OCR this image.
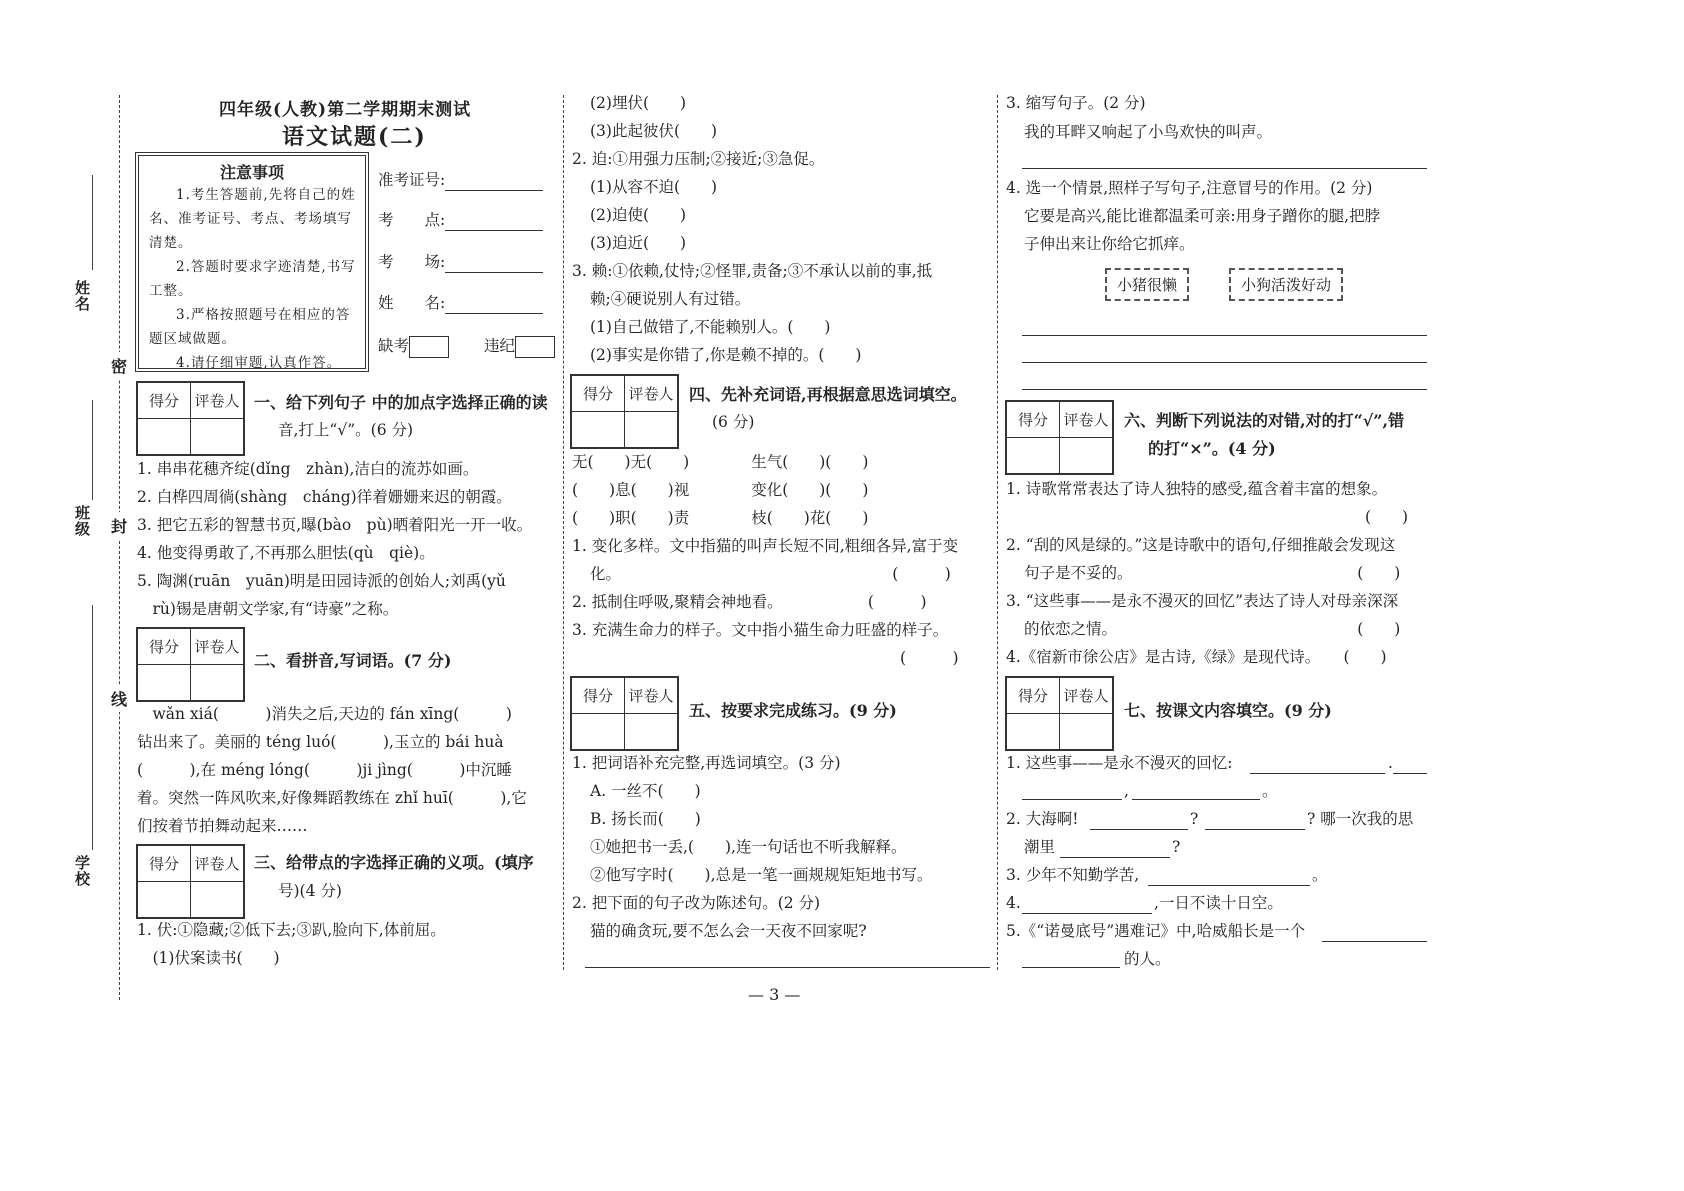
姓名
班级
学校
密
封
线
四年级(人教)第二学期期末测试
语文试题(二)
注意事项
1.考生答题前,先将自己的姓名、准考证号、考点、考场填写清楚。
2.答题时要求字迹清楚,书写工整。
3.严格按照题号在相应的答题区域做题。
4.请仔细审题,认真作答。
准考证号:
考　　点:
考　　场:
姓　　名:
缺考	违纪
得分	评卷人
	一、给下列句子 中的加点字选择正确的读
音,打上“√”。(6 分)
1. 串串花穗齐绽(dǐng　zhàn),洁白的流苏如画。
2. 白桦四周徜(shàng　cháng)徉着姗姗来迟的朝霞。
3. 把它五彩的智慧书页,曝(bào　pù)晒着阳光一开一收。
4. 他变得勇敢了,不再那么胆怯(qù　qiè)。
5. 陶渊(ruān　yuān)明是田园诗派的创始人;刘禹(yǔ
　rù)锡是唐朝文学家,有“诗豪”之称。
得分	评卷人

二、看拼音,写词语。(7 分)
　wǎn xiá(　　　)消失之后,天边的 fán xīng(　　　)
钻出来了。美丽的 téng luó(　　　),玉立的 bái huà
(　　　),在 méng lóng(　　　)ji jìng(　　　)中沉睡
着。突然一阵风吹来,好像舞蹈教练在 zhǐ huī(　　　),它
们按着节拍舞动起来……
得分	评卷人
	三、给带点的字选择正确的义项。(填序
号)(4 分)
1. 伏:①隐藏;②低下去;③趴,脸向下,体前屈。
　(1)伏案读书(　　)
(2)埋伏(　　)
(3)此起彼伏(　　)
2. 迫:①用强力压制;②接近;③急促。
(1)从容不迫(　　)
(2)迫使(　　)
(3)迫近(　　)
3. 赖:①依赖,仗恃;②怪罪,责备;③不承认以前的事,抵
赖;④硬说别人有过错。
(1)自己做错了,不能赖别人。(　　)
(2)事实是你错了,你是赖不掉的。(　　)
得分	评卷人
	四、先补充词语,再根据意思选词填空。
(6 分)
无(　　)无(　　)　　　　生气(　　)(　　)
(　　)息(　　)视　　　　变化(　　)(　　)
(　　)职(　　)责　　　　枝(　　)花(　　)
1. 变化多样。文中指猫的叫声长短不同,粗细各异,富于变
化。　　　　　　　　　　　　　　　　　　(　　　)
2. 抵制住呼吸,聚精会神地看。　　　　　　(　　　)
3. 充满生命力的样子。文中指小猫生命力旺盛的样子。
　　　　　　　　　　　　　　　　　　　　(　　　)
得分	评卷人

五、按要求完成练习。(9 分)
1. 把词语补充完整,再选词填空。(3 分)
A. 一丝不(　　)
B. 扬长而(　　)
①她把书一丢,(　　),连一句话也不听我解释。
②他写字时(　　),总是一笔一画规规矩矩地书写。
2. 把下面的句子改为陈述句。(2 分)
猫的确贪玩,要不怎么会一天夜不回家呢?
3. 缩写句子。(2 分)
我的耳畔又响起了小鸟欢快的叫声。
4. 选一个情景,照样子写句子,注意冒号的作用。(2 分)
它要是高兴,能比谁都温柔可亲:用身子蹭你的腿,把脖
子伸出来让你给它抓痒。
小猪很懒	小狗活泼好动
得分	评卷人
	六、判断下列说法的对错,对的打“√”,错
的打“×”。(4 分)
1. 诗歌常常表达了诗人独特的感受,蕴含着丰富的想象。
　　　　　　　　　　　　　　　　　　　　　　(　　)
2. “刮的风是绿的。”这是诗歌中的语句,仔细推敲会发现这
句子是不妥的。　　　　　　　　　　　　　　　(　　)
3. “这些事——是永不漫灭的回忆”表达了诗人对母亲深深
的依恋之情。　　　　　　　　　　　　　　　　(　　)
4.《宿新市徐公店》是古诗,《绿》是现代诗。　　(　　)
得分	评卷人

七、按课文内容填空。(9 分)
1. 这些事——是永不漫灭的回忆:	.
,	。
2. 大海啊!	?	? 哪一次我的思
潮里	?
3. 少年不知勤学苦,	。
4.	,一日不读十日空。
5.《“诺曼底号”遇难记》中,哈威船长是一个
的人。
— 3 —
